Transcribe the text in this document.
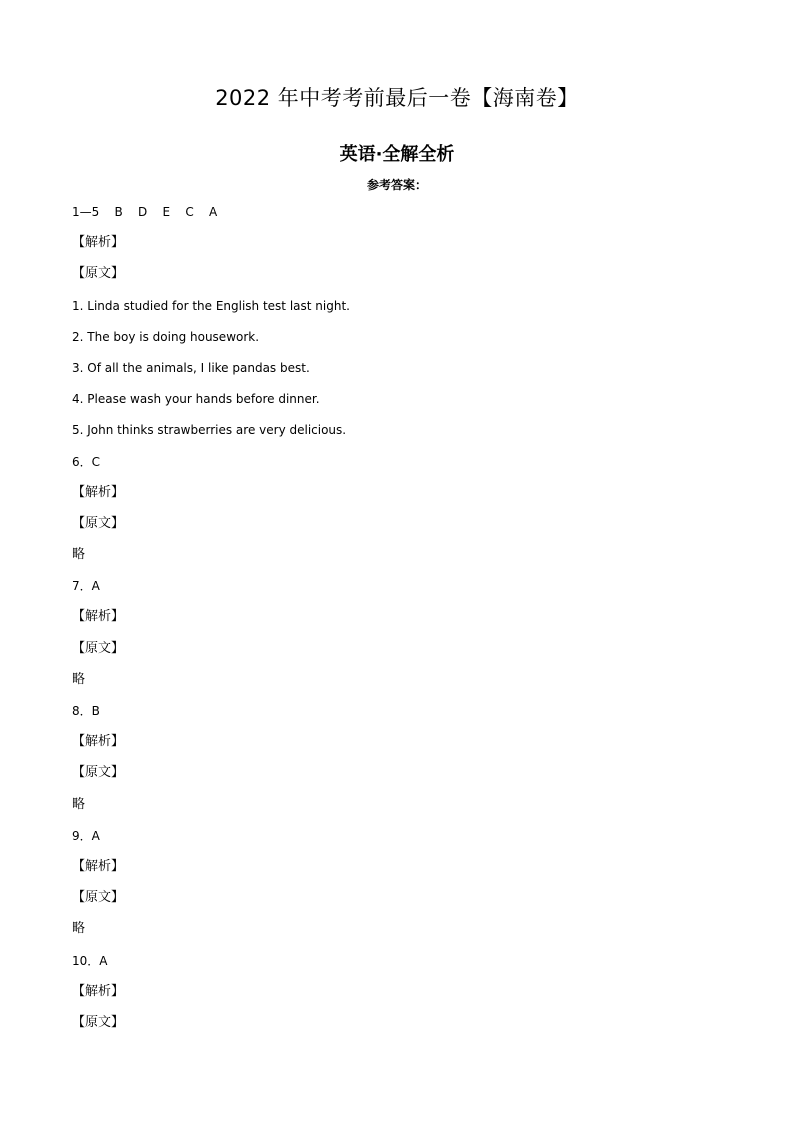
2022 年中考考前最后一卷【海南卷】
英语·全解全析
参考答案：
1—5    B    D    E    C    A
【解析】
【原文】
1. Linda studied for the English test last night.
2. The boy is doing housework.
3. Of all the animals, I like pandas best.
4. Please wash your hands before dinner.
5. John thinks strawberries are very delicious.
6．C
【解析】
【原文】
略
7．A
【解析】
【原文】
略
8．B
【解析】
【原文】
略
9．A
【解析】
【原文】
略
10．A
【解析】
【原文】
